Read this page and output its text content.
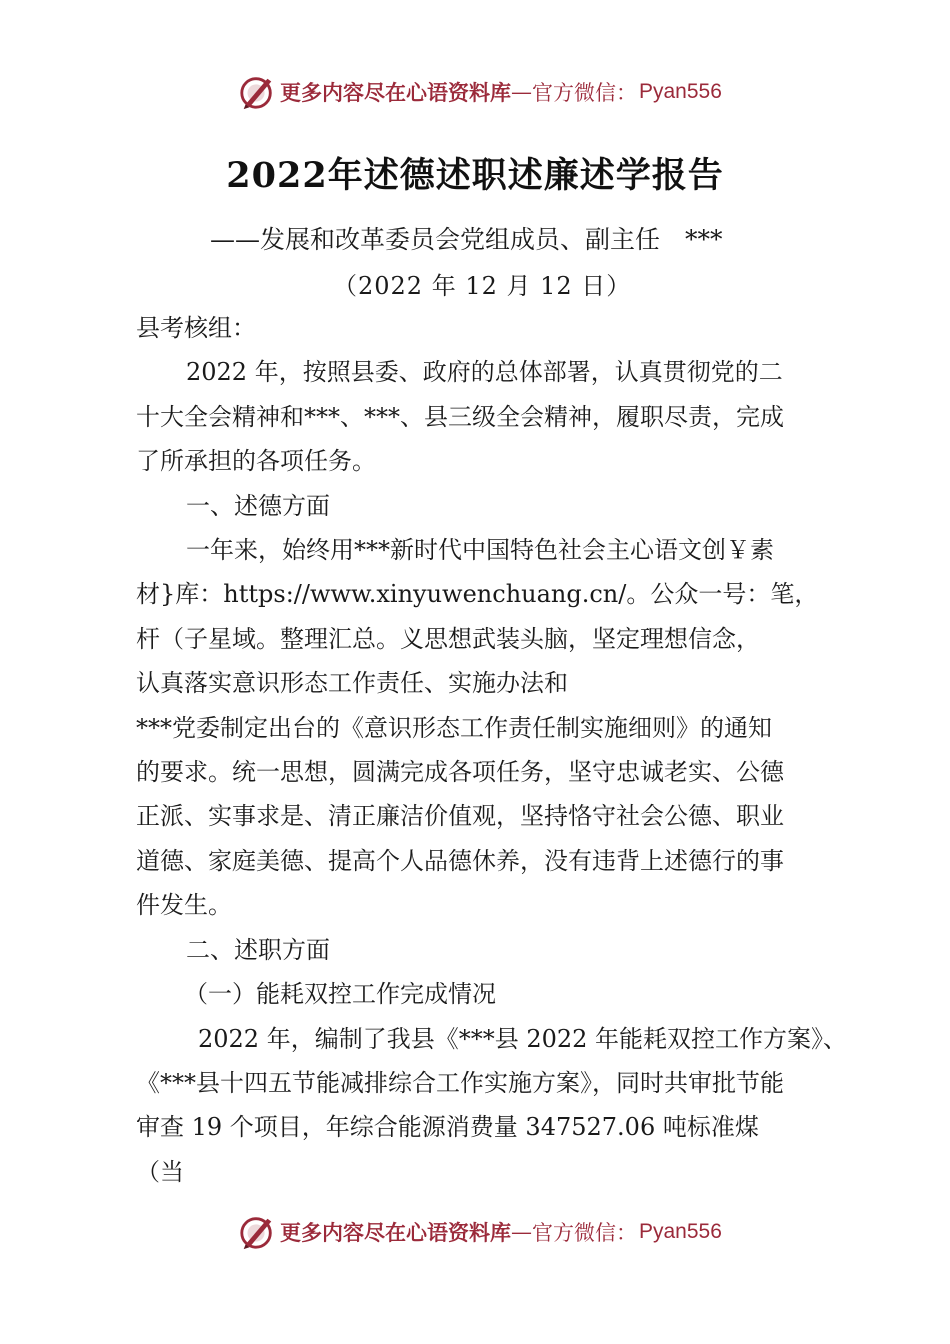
更多内容尽在心语资料库 — 官方微信： Pyan556
2022年述德述职述廉述学报告
——发展和改革委员会党组成员、副主任　***
（2022 年 12 月 12 日）

县考核组：

2022 年，按照县委、政府的总体部署，认真贯彻党的二

十大全会精神和***、***、县三级全会精神，履职尽责，完成

了所承担的各项任务。

一、述德方面

一年来，始终用***新时代中国特色社会主心语文创￥素

材}库：https://www.xinyuwenchuang.cn/。公众一号：笔，

杆（子星域。整理汇总。义思想武装头脑，坚定理想信念，

认真落实意识形态工作责任、实施办法和

***党委制定出台的《意识形态工作责任制实施细则》的通知

的要求。统一思想，圆满完成各项任务，坚守忠诚老实、公德

正派、实事求是、清正廉洁价值观，坚持恪守社会公德、职业

道德、家庭美德、提高个人品德休养，没有违背上述德行的事

件发生。

二、述职方面

（一）能耗双控工作完成情况

2022 年，编制了我县《***县 2022 年能耗双控工作方案》、

《***县十四五节能减排综合工作实施方案》，同时共审批节能

审查 19 个项目，年综合能源消费量 347527.06 吨标准煤

（当

更多内容尽在心语资料库 — 官方微信： Pyan556
